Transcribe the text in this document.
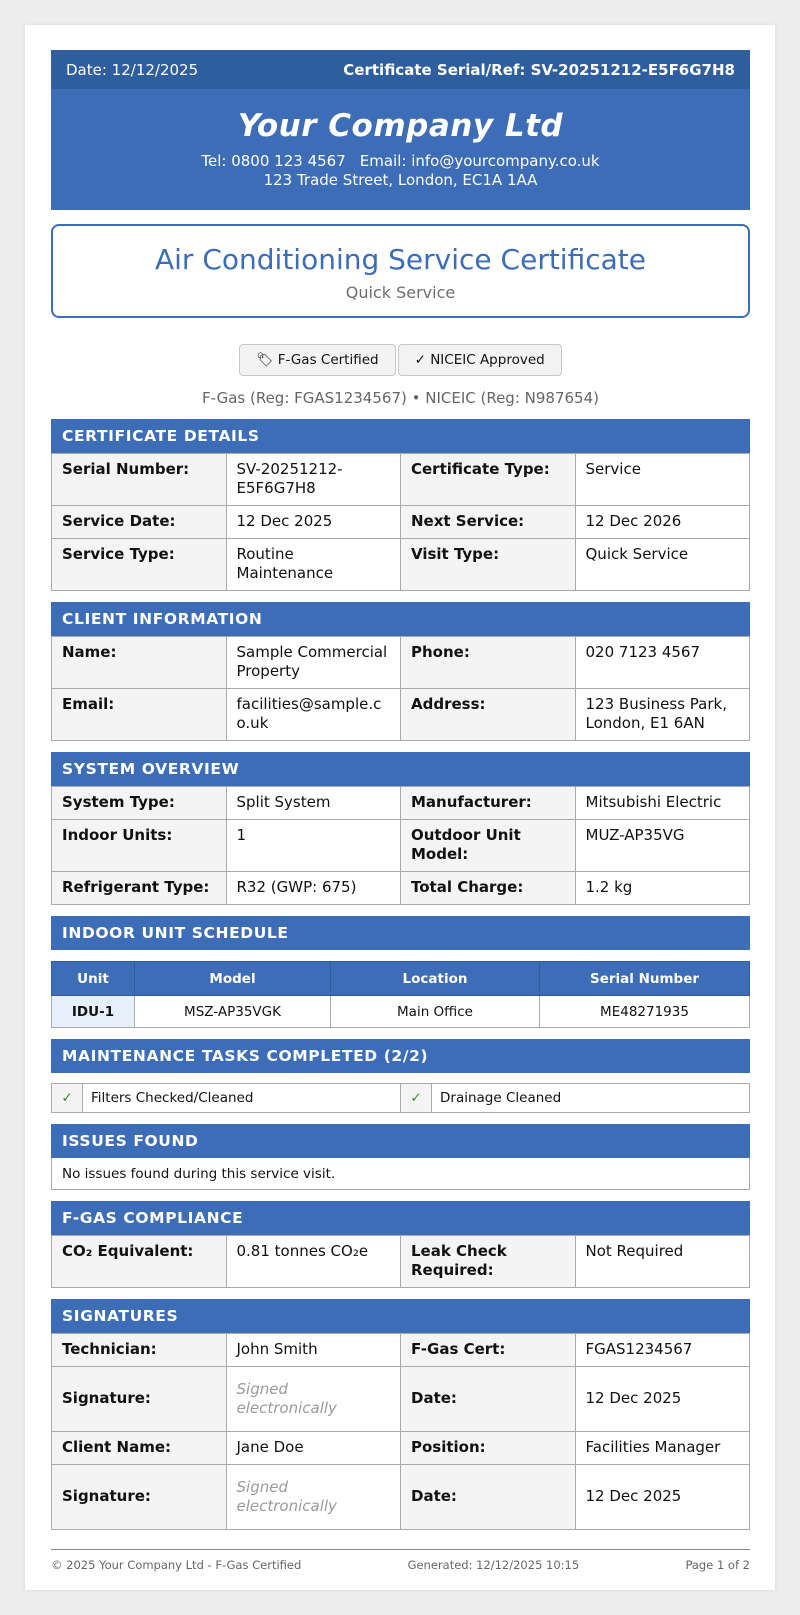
Date: 12/12/2025	Certificate Serial/Ref: SV-20251212-E5F6G7H8
Your Company Ltd
Tel: 0800 123 4567 Email: info@yourcompany.co.uk
123 Trade Street, London, EC1A 1AA
Air Conditioning Service Certificate
Quick Service
🏷 F-Gas Certified	✓ NICEIC Approved
F-Gas (Reg: FGAS1234567) • NICEIC (Reg: N987654)
CERTIFICATE DETAILS
Serial Number:	SV-20251212-E5F6G7H8	Certificate Type:	Service
Service Date:	12 Dec 2025	Next Service:	12 Dec 2026
Service Type:	Routine Maintenance	Visit Type:	Quick Service
CLIENT INFORMATION
Name:	Sample Commercial Property	Phone:	020 7123 4567
Email:	facilities@sample.co.uk	Address:	123 Business Park, London, E1 6AN
SYSTEM OVERVIEW
System Type:	Split System	Manufacturer:	Mitsubishi Electric
Indoor Units:	1	Outdoor Unit Model:	MUZ-AP35VG
Refrigerant Type:	R32 (GWP: 675)	Total Charge:	1.2 kg
INDOOR UNIT SCHEDULE
Unit	Model	Location	Serial Number
IDU-1	MSZ-AP35VGK	Main Office	ME48271935
MAINTENANCE TASKS COMPLETED (2/2)
✓	Filters Checked/Cleaned	✓	Drainage Cleaned
ISSUES FOUND
No issues found during this service visit.
F-GAS COMPLIANCE
CO₂ Equivalent:	0.81 tonnes CO₂e	Leak Check Required:	Not Required
SIGNATURES
Technician:	John Smith	F-Gas Cert:	FGAS1234567
Signature:	Signed electronically	Date:	12 Dec 2025
Client Name:	Jane Doe	Position:	Facilities Manager
Signature:	Signed electronically	Date:	12 Dec 2025
© 2025 Your Company Ltd - F-Gas Certified	Generated: 12/12/2025 10:15	Page 1 of 2
